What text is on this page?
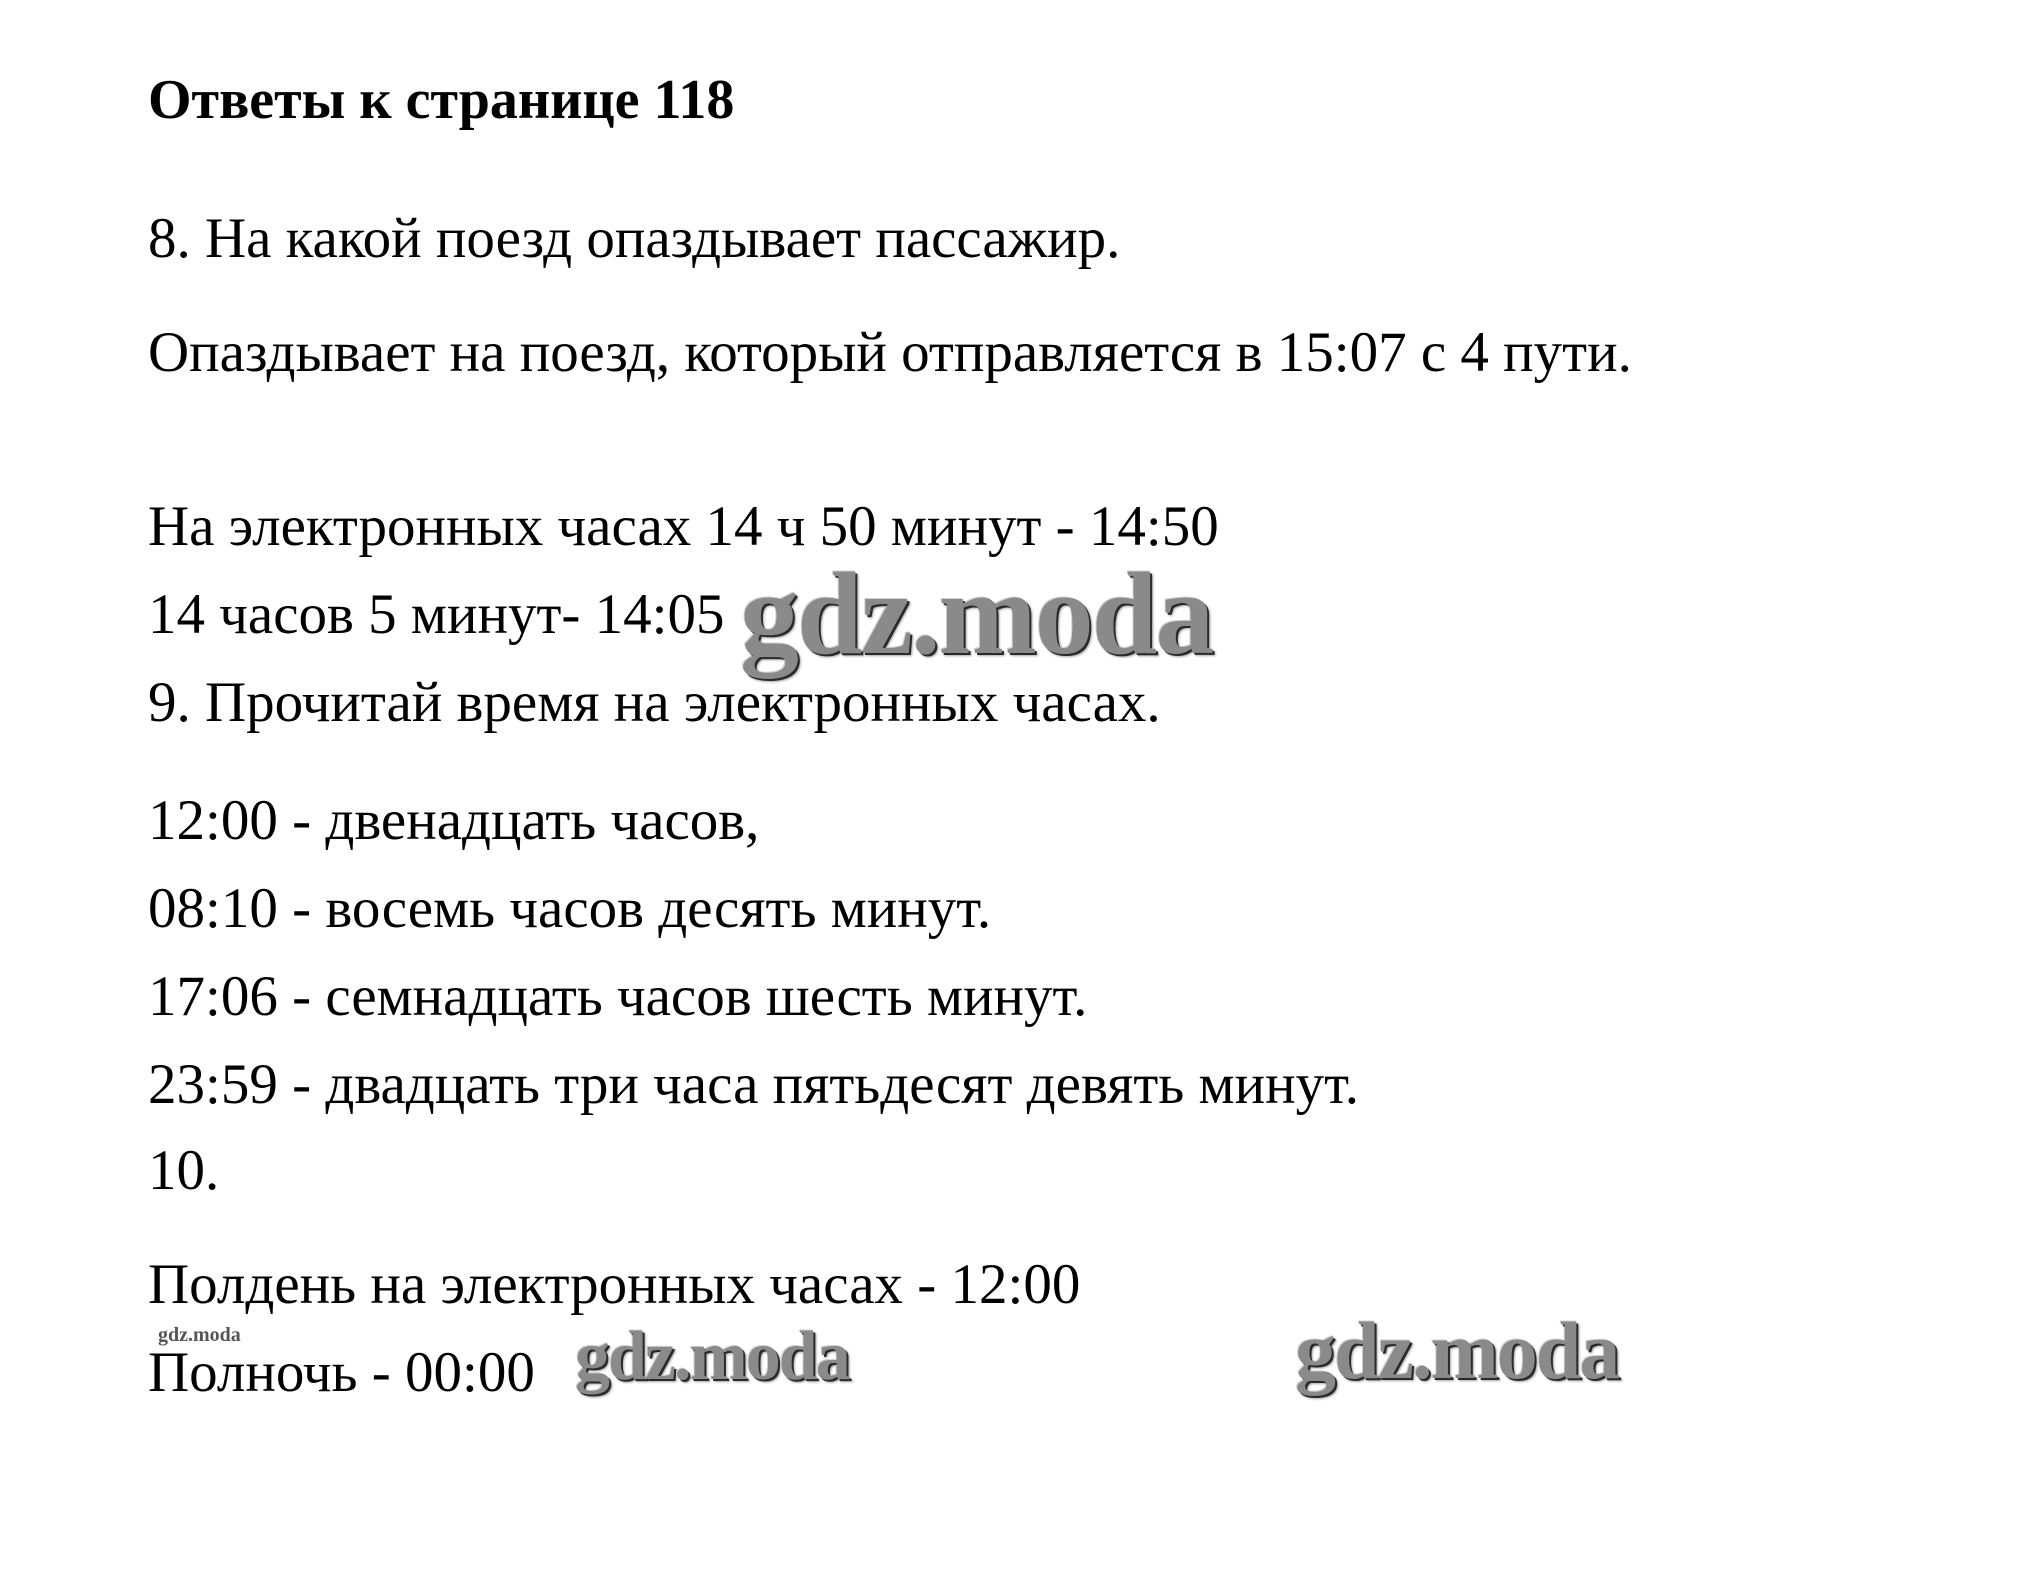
Ответы к странице 118
8. На какой поезд опаздывает пассажир.
Опаздывает на поезд, который отправляется в 15:07 с 4 пути.
На электронных часах 14 ч 50 минут - 14:50
14 часов 5 минут- 14:05
9. Прочитай время на электронных часах.
12:00 - двенадцать часов,
08:10 - восемь часов десять минут.
17:06 - семнадцать часов шесть минут.
23:59 - двадцать три часа пятьдесят девять минут.
10.
Полдень на электронных часах - 12:00
Полночь - 00:00
gdz.moda
gdz.moda	gdz.moda	gdz.moda
